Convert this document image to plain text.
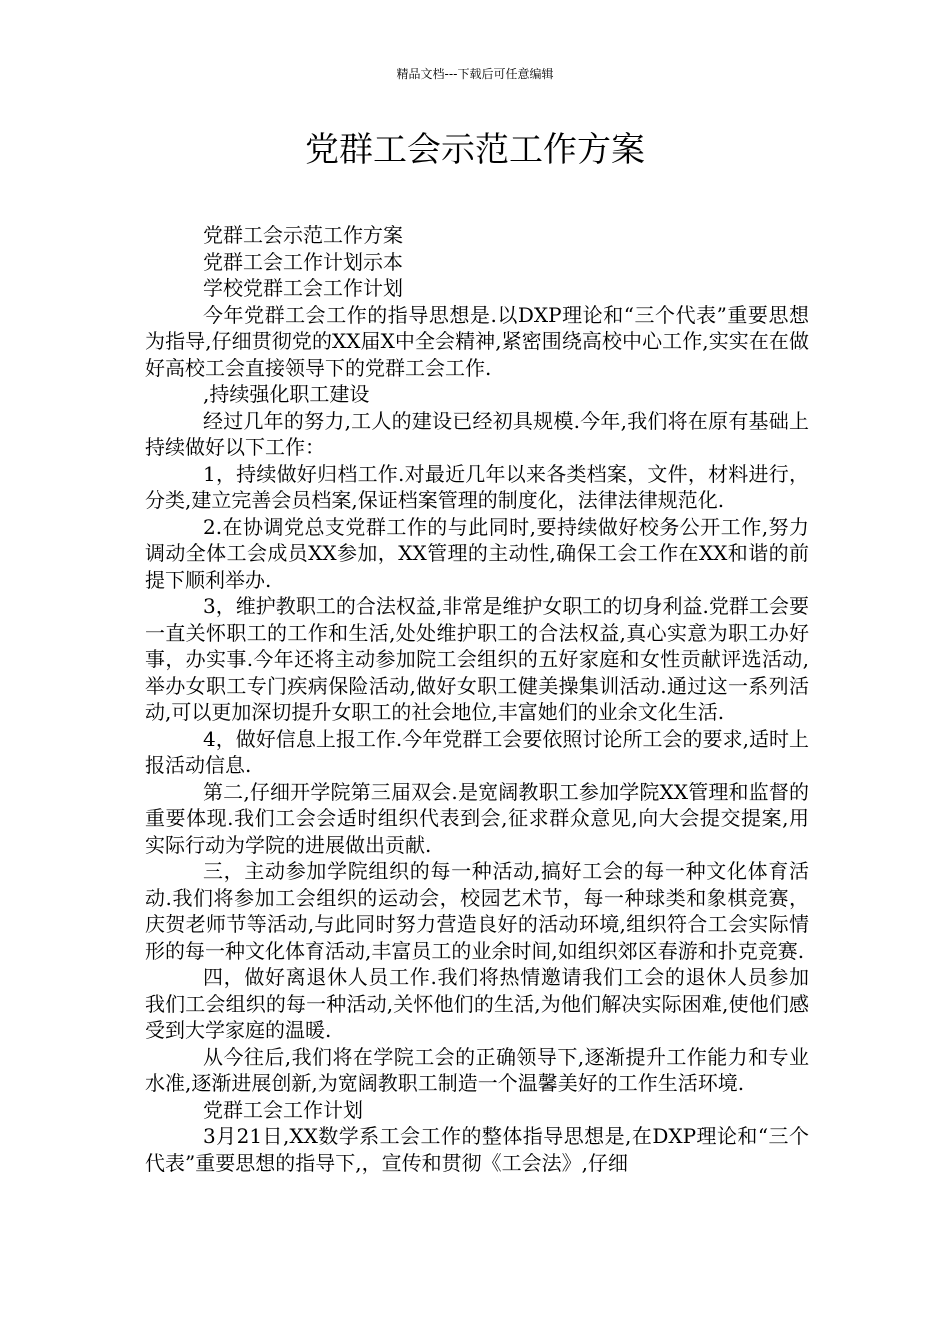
精品文档---下载后可任意编辑
党群工会示范工作方案

党群工会示范工作方案

党群工会工作计划示本

学校党群工会工作计划

今年党群工会工作的指导思想是.以DXP理论和“三个代表”重要思想为指导,仔细贯彻党的XX届X中全会精神,紧密围绕高校中心工作,实实在在做好高校工会直接领导下的党群工会工作.

,持续强化职工建设

经过几年的努力,工人的建设已经初具规模.今年,我们将在原有基础上持续做好以下工作：

1，持续做好归档工作.对最近几年以来各类档案，文件，材料进行，分类,建立完善会员档案,保证档案管理的制度化，法律法律规范化.

2.在协调党总支党群工作的与此同时,要持续做好校务公开工作,努力调动全体工会成员XX参加，XX管理的主动性,确保工会工作在XX和谐的前提下顺利举办.

3，维护教职工的合法权益,非常是维护女职工的切身利益.党群工会要一直关怀职工的工作和生活,处处维护职工的合法权益,真心实意为职工办好事，办实事.今年还将主动参加院工会组织的五好家庭和女性贡献评选活动,举办女职工专门疾病保险活动,做好女职工健美操集训活动.通过这一系列活动,可以更加深切提升女职工的社会地位,丰富她们的业余文化生活.

4，做好信息上报工作.今年党群工会要依照讨论所工会的要求,适时上报活动信息.

第二,仔细开学院第三届双会.是宽阔教职工参加学院XX管理和监督的重要体现.我们工会会适时组织代表到会,征求群众意见,向大会提交提案,用实际行动为学院的进展做出贡献.

三，主动参加学院组织的每一种活动,搞好工会的每一种文化体育活动.我们将参加工会组织的运动会，校园艺术节，每一种球类和象棋竞赛，庆贺老师节等活动,与此同时努力营造良好的活动环境,组织符合工会实际情形的每一种文化体育活动,丰富员工的业余时间,如组织郊区春游和扑克竞赛.

四，做好离退休人员工作.我们将热情邀请我们工会的退休人员参加我们工会组织的每一种活动,关怀他们的生活,为他们解决实际困难,使他们感受到大学家庭的温暖.

从今往后,我们将在学院工会的正确领导下,逐渐提升工作能力和专业水准,逐渐进展创新,为宽阔教职工制造一个温馨美好的工作生活环境.

党群工会工作计划

3月21日,XX数学系工会工作的整体指导思想是,在DXP理论和“三个代表”重要思想的指导下,，宣传和贯彻《工会法》,仔细
